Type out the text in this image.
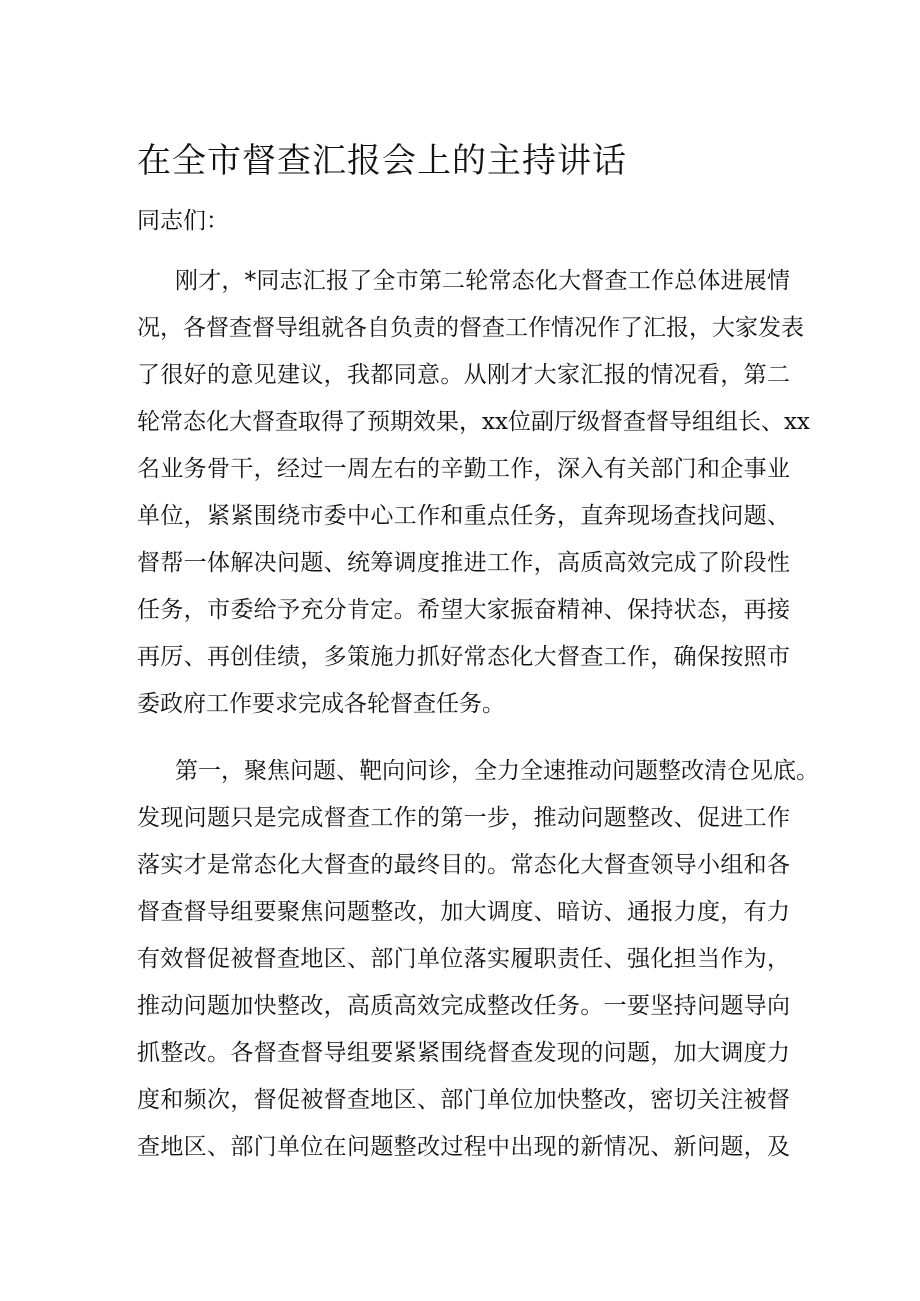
在全市督查汇报会上的主持讲话

同志们：

刚才，*同志汇报了全市第二轮常态化大督查工作总体进展情

况，各督查督导组就各自负责的督查工作情况作了汇报，大家发表

了很好的意见建议，我都同意。从刚才大家汇报的情况看，第二

轮常态化大督查取得了预期效果，xx位副厅级督查督导组组长、xx

名业务骨干，经过一周左右的辛勤工作，深入有关部门和企事业

单位，紧紧围绕市委中心工作和重点任务，直奔现场查找问题、

督帮一体解决问题、统筹调度推进工作，高质高效完成了阶段性

任务，市委给予充分肯定。希望大家振奋精神、保持状态，再接

再厉、再创佳绩，多策施力抓好常态化大督查工作，确保按照市

委政府工作要求完成各轮督查任务。

第一，聚焦问题、靶向问诊，全力全速推动问题整改清仓见底。

发现问题只是完成督查工作的第一步，推动问题整改、促进工作

落实才是常态化大督查的最终目的。常态化大督查领导小组和各

督查督导组要聚焦问题整改，加大调度、暗访、通报力度，有力

有效督促被督查地区、部门单位落实履职责任、强化担当作为，

推动问题加快整改，高质高效完成整改任务。一要坚持问题导向

抓整改。各督查督导组要紧紧围绕督查发现的问题，加大调度力

度和频次，督促被督查地区、部门单位加快整改，密切关注被督

查地区、部门单位在问题整改过程中出现的新情况、新问题，及
